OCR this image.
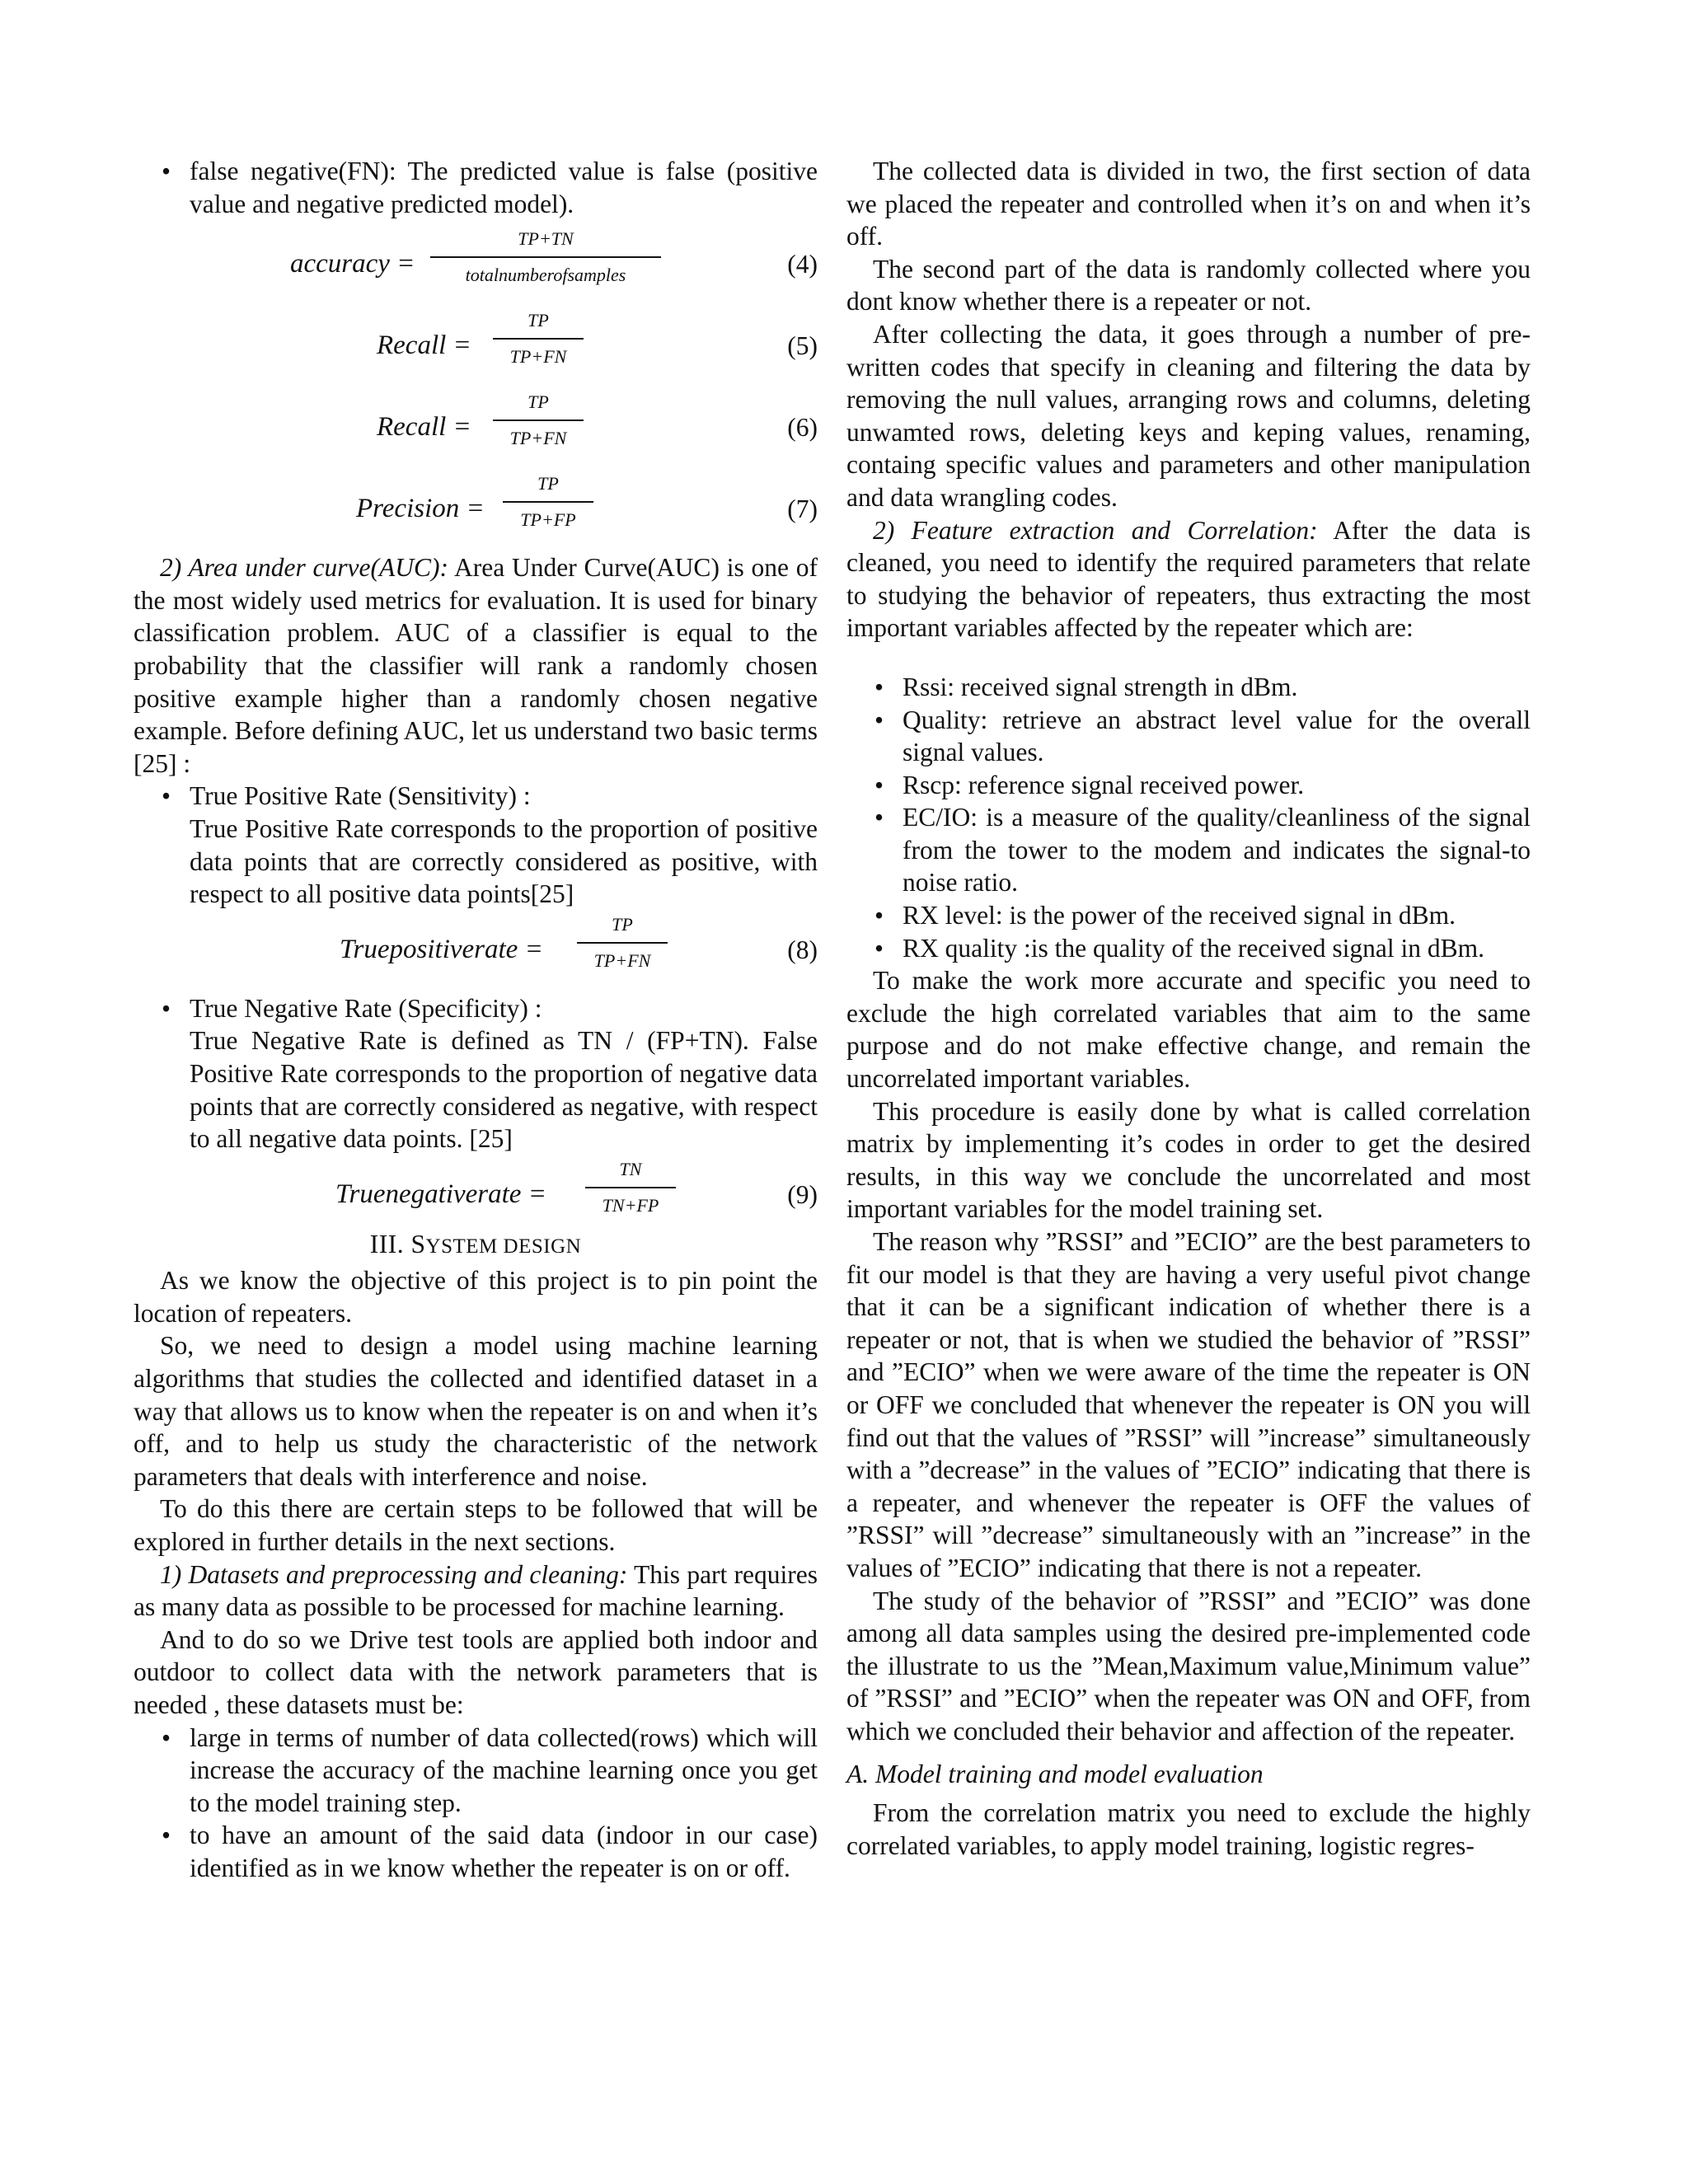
• false negative(FN): The predicted value is false (positive value and negative predicted model).
accuracy =
TP+TN
totalnumberofsamples	(4)
Recall = $\frac{TP}{TP+FN}$	(5)
Recall = $\frac{TP}{TP+FN}$	(6)
Precision = $\frac{TP}{TP+FP}$	(7)

2) Area under curve(AUC): Area Under Curve(AUC) is one of the most widely used metrics for evaluation. It is used for binary classification problem. AUC of a classifier is equal to the probability that the classifier will rank a randomly chosen positive example higher than a randomly chosen negative example. Before defining AUC, let us understand two basic terms [25] :

• True Positive Rate (Sensitivity) :
True Positive Rate corresponds to the proportion of positive data points that are correctly considered as positive, with respect to all positive data points[25]
Truepositiverate = $\frac{TP}{TP+FN}$	(8)
• True Negative Rate (Specificity) :
True Negative Rate is defined as TN / (FP+TN). False Positive Rate corresponds to the proportion of negative data points that are correctly considered as negative, with respect to all negative data points. [25]
Truenegativerate = $\frac{TN}{TN+FP}$	(9)
III. SYSTEM DESIGN

As we know the objective of this project is to pin point the location of repeaters.

So, we need to design a model using machine learning algorithms that studies the collected and identified dataset in a way that allows us to know when the repeater is on and when it’s off, and to help us study the characteristic of the network parameters that deals with interference and noise.

To do this there are certain steps to be followed that will be explored in further details in the next sections.

1) Datasets and preprocessing and cleaning: This part requires as many data as possible to be processed for machine learning.

And to do so we Drive test tools are applied both indoor and outdoor to collect data with the network parameters that is needed , these datasets must be:

• large in terms of number of data collected(rows) which will increase the accuracy of the machine learning once you get to the model training step.
• to have an amount of the said data (indoor in our case) identified as in we know whether the repeater is on or off.

The collected data is divided in two, the first section of data we placed the repeater and controlled when it’s on and when it’s off.

The second part of the data is randomly collected where you dont know whether there is a repeater or not.

After collecting the data, it goes through a number of pre-written codes that specify in cleaning and filtering the data by removing the null values, arranging rows and columns, deleting unwamted rows, deleting keys and keping values, renaming, containg specific values and parameters and other manipulation and data wrangling codes.

2) Feature extraction and Correlation: After the data is cleaned, you need to identify the required parameters that relate to studying the behavior of repeaters, thus extracting the most important variables affected by the repeater which are:

• Rssi: received signal strength in dBm.
• Quality: retrieve an abstract level value for the overall signal values.
• Rscp: reference signal received power.
• EC/IO: is a measure of the quality/cleanliness of the signal from the tower to the modem and indicates the signal-to noise ratio.
• RX level: is the power of the received signal in dBm.
• RX quality :is the quality of the received signal in dBm.

To make the work more accurate and specific you need to exclude the high correlated variables that aim to the same purpose and do not make effective change, and remain the uncorrelated important variables.

This procedure is easily done by what is called correlation matrix by implementing it’s codes in order to get the desired results, in this way we conclude the uncorrelated and most important variables for the model training set.

The reason why ”RSSI” and ”ECIO” are the best parameters to fit our model is that they are having a very useful pivot change that it can be a significant indication of whether there is a repeater or not, that is when we studied the behavior of ”RSSI” and ”ECIO” when we were aware of the time the repeater is ON or OFF we concluded that whenever the repeater is ON you will find out that the values of ”RSSI” will ”increase” simultaneously with a ”decrease” in the values of ”ECIO” indicating that there is a repeater, and whenever the repeater is OFF the values of ”RSSI” will ”decrease” simultaneously with an ”increase” in the values of ”ECIO” indicating that there is not a repeater.

The study of the behavior of ”RSSI” and ”ECIO” was done among all data samples using the desired pre-implemented code the illustrate to us the ”Mean,Maximum value,Minimum value” of ”RSSI” and ”ECIO” when the repeater was ON and OFF, from which we concluded their behavior and affection of the repeater.

A. Model training and model evaluation

From the correlation matrix you need to exclude the highly correlated variables, to apply model training, logistic regres-
